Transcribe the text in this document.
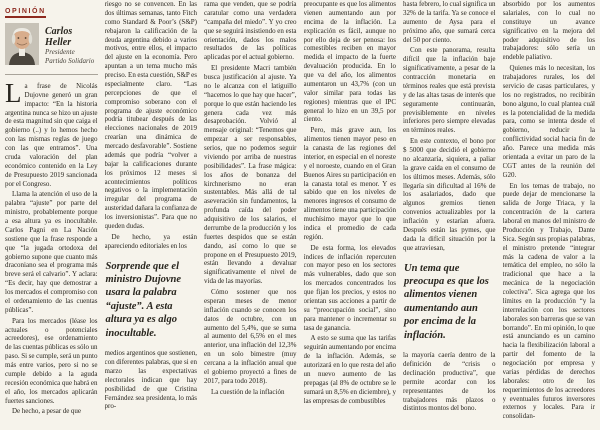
OPINIÓN
Carlos Heller
Presidente
Partido Solidario

La frase de Nicolás Dujovne generó un gran impacto: “En la historia argentina nunca se hizo un ajuste de esta magnitud sin que caiga el gobierno (..) y lo hemos hecho con las mismas reglas de juego con las que entramos”. Una cruda valoración del plan económico contenido en la Ley de Presupuesto 2019 sancionada por el Congreso.

Llama la atención el uso de la palabra “ajuste” por parte del ministro, probablemente porque a esa altura ya es inocultable. Carlos Pagni en La Nación sostiene que la frase responde a que “la jugada ortodoxa del gobierno supone que cuanto más draconiano sea el programa más breve será el calvario”. Y aclara: “Es decir, hay que demostrar a los mercados el compromiso con el ordenamiento de las cuentas públicas”.

Para los mercados (léase los actuales o potenciales acreedores), ese ordenamiento de las cuentas públicas es sólo un paso. Si se cumple, será un punto más entre varios, pero si no se cumple debido a la aguda recesión económica que habrá en el año, los mercados aplicarán fuertes sanciones.

De hecho, a pesar de que

riesgo no se convencen. En las dos últimas semanas, tanto Fitch como Standard & Poor’s (S&P) rebajaron la calificación de la deuda argentina debido a varios motivos, entre ellos, el impacto del ajuste en la economía. Pero apuntan a un tema mucho más preciso. En esta cuestión, S&P es especialmente claro. “Las percepciones de que el compromiso soberano con el programa de ajuste económico podría titubear después de las elecciones nacionales de 2019 crearían una dinámica de mercado desfavorable”. Sostiene además que podría “volver a bajar la calificaciones durante los próximos 12 meses si acontecimientos políticos negativos o la implementación irregular del programa de austeridad dañara la confianza de los inversionistas”. Para que no queden dudas.

De hecho, ya están apareciendo editoriales en los

Sorprende que el ministro Dujovne usara la palabra “ajuste”. A esta altura ya es algo inocultable.

medios argentinos que sostienen, con diferentes palabras, que si en marzo las expectativas electorales indican que hay posibilidad de que Cristina Fernández sea presidenta, lo más pro-

rama que venden, que se podría caratular como una verdadera “campaña del miedo”. Y yo creo que se seguirá insistiendo en esta orientación, dados los malos resultados de las políticas aplicadas por el actual gobierno.

El presidente Macri también busca justificación al ajuste. Ya no le alcanza con el latiguillo “hacemos lo que hay que hacer”, porque lo que están haciendo les genera cada vez más desaprobación. Volvió al mensaje original: “Tenemos que empezar a ser responsables, serios, que no podemos seguir viviendo por arriba de nuestras posibilidades”. La frase mágica: los años de bonanza del kirchnerismo no eran sustentables. Más allá de tal aseveración sin fundamentos, la profunda caída del poder adquisitivo de los salarios, el derrumbe de la producción y los fuertes despidos que se están dando, así como lo que se propone en el Presupuesto 2019, están llevando a devaluar significativamente el nivel de vida de las mayorías.

Cómo sostener que nos esperan meses de menor inflación cuando se conocen los datos de octubre, con un aumento del 5,4%, que se suma al aumento del 6,5% en el mes anterior, una inflación del 12,3% en un solo bimestre (muy cercana a la inflación anual que el gobierno proyectó a fines de 2017, para todo 2018).

La cuestión de la inflación

preocupante es que los alimentos vienen aumentando aun por encima de la inflación. La explicación es fácil, aunque no por ello deja de ser penosa: los comestibles reciben en mayor medida el impacto de la fuerte devaluación producida. En lo que va del año, los alimentos aumentaron un 43,7% (con un valor similar para todas las regiones) mientras que el IPC general lo hizo en un 39,5 por ciento.

Pero, más grave aun, los alimentos tienen mayor peso en la canasta de las regiones del interior, en especial en el noreste y el noroeste, cuando en el Gran Buenos Aires su participación en la canasta total es menor. Y es sabido que en los niveles de menores ingresos el consumo de alimentos tiene una participación muchísimo mayor que lo que indica el promedio de cada región.

De esta forma, los elevados índices de inflación repercuten con mayor peso en los sectores más vulnerables, dado que son los mercados concentrados los que fijan los precios, y estos no orientan sus acciones a partir de su “preocupación social”, sino para mantener o incrementar su tasa de ganancia.

A esto se suma que las tarifas seguirán aumentando por encima de la inflación. Además, se autorizará en lo que resta del año un nuevo aumento de las prepagas (al 8% de octubre se le sumará un 8,5% en diciembre), y las empresas de combustibles

hasta febrero, lo cual significa un 32% de la tarifa. Ya se conoce el aumento de Aysa para el próximo año, que sumará cerca del 50 por ciento.

Con este panorama, resulta difícil que la inflación baje significativamente, a pesar de la contracción monetaria en términos reales que está prevista y de las altas tasas de interés que seguramente continuarán, previsiblemente en niveles inferiores pero siempre elevadas en términos reales.

En este contexto, el bono por $ 5000 que decidió el gobierno no alcanzaría, siquiera, a paliar la grave caída en el consumo de los últimos meses. Además, sólo llegaría sin dificultad al 16% de los asalariados, dado que algunos gremios tienen convenios actualizables por la inflación y estarían afuera. Después están las pymes, que dada la difícil situación por la que atraviesan,

Un tema que preocupa es que los alimentos vienen aumentando aun por encima de la inflación.

la mayoría caería dentro de la definición de “crisis o declinación productiva”, que permite acordar con los representantes de los trabajadores más plazos o distintos montos del bono.

absorbido por los aumentos salariales, con lo cual no constituye un avance significativo en la mejora del poder adquisitivo de los trabajadores: sólo sería un endeble paliativo.

Quienes más lo necesitan, los trabajadores rurales, los del servicio de casas particulares, y los no registrados, no recibirán bono alguno, lo cual plantea cuál es la potencialidad de la medida para, como se intenta desde el gobierno, reducir la conflictividad social hacia fin de año. Parece una medida más orientada a evitar un paro de la CGT antes de la reunión del G20.

En los temas de trabajo, no puede dejar de mencionarse la salida de Jorge Triaca, y la concentración de la cartera laboral en manos del ministro de Producción y Trabajo, Dante Sica. Según sus propias palabras, el ministro pretende “integrar más la cadena de valor a la temática del empleo, no sólo la tradicional que hace a la mecánica de la negociación colectiva”. Sica agrega que los límites en la producción “y la interrelación con los sectores laborales son barreras que se van borrando”. En mi opinión, lo que está anunciando es un camino hacia la flexibilización laboral a partir del fomento de la negociación por empresa y varias pérdidas de derechos laborales: otro de los requerimientos de los acreedores y eventuales futuros inversores externos y locales. Para ir consolidan-
